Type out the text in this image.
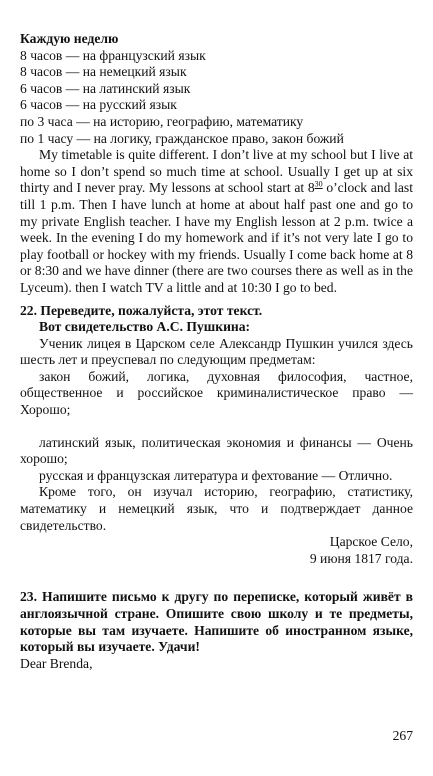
Каждую неделю
8 часов — на французский язык
8 часов — на немецкий язык
6 часов — на латинский язык
6 часов — на русский язык
по 3 часа — на историю, географию, математику
по 1 часу — на логику, гражданское право, закон божий

My timetable is quite different. I don’t live at my school but I live at home so I don’t spend so much time at school. Usually I get up at six thirty and I never pray. My lessons at school start at $8^{30}$ o’clock and last till 1 p.m. Then I have lunch at home at about half past one and go to my private English teacher. I have my English lesson at 2 p.m. twice a week. In the evening I do my homework and if it’s not very late I go to play football or hockey with my friends. Usually I come back home at 8 or 8:30 and we have dinner (there are two courses there as well as in the Lyceum). then I watch TV a little and at 10:30 I go to bed.

22. Переведите, пожалуйста, этот текст.

Вот свидетельство А.С. Пушкина:

Ученик лицея в Царском селе Александр Пушкин учился здесь шесть лет и преуспевал по следующим предметам:

закон божий, логика, духовная философия, частное, общественное и российское криминалистическое право — Хорошо;

латинский язык, политическая экономия и финансы — Очень хорошо;

русская и французская литература и фехтование — Отлично.

Кроме того, он изучал историю, географию, статистику, математику и немецкий язык, что и подтверждает данное свидетельство.

Царское Село,

9 июня 1817 года.

23. Напишите письмо к другу по переписке, который живёт в англоязычной стране. Опишите свою школу и те предметы, которые вы там изучаете. Напишите об иностранном языке, который вы изучаете. Удачи!

Dear Brenda,

267
